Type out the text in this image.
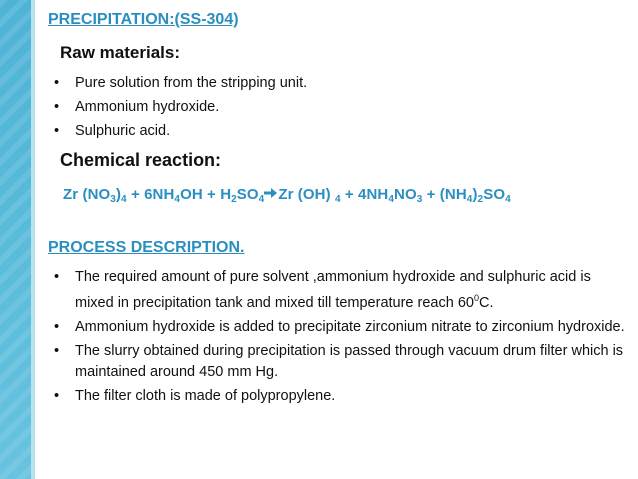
PRECIPITATION:(SS-304)
Raw materials:
• Pure solution from the stripping unit.
• Ammonium hydroxide.
• Sulphuric acid.
Chemical reaction:
Zr $(NO_3)_4 + 6NH_4OH + H_2SO_4\to Zr$ (OH) $_4 + 4NH_4NO_3 + (NH_4)_2SO_4$
PROCESS DESCRIPTION.
• The required amount of pure solvent ,ammonium hydroxide and sulphuric acid is mixed in precipitation tank and mixed till temperature reach $60^0C$.
• Ammonium hydroxide is added to precipitate zirconium nitrate to zirconium hydroxide.
• The slurry obtained during precipitation is passed through vacuum drum filter which is maintained around 450 mm Hg.
• The filter cloth is made of polypropylene.
